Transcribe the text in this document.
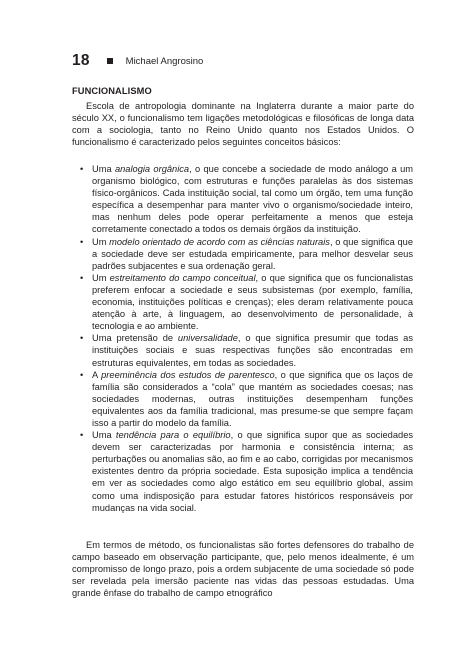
18	Michael Angrosino
FUNCIONALISMO

Escola de antropologia dominante na Inglaterra durante a maior parte do século XX, o funcionalismo tem ligações metodológicas e filosóficas de longa data com a sociologia, tanto no Reino Unido quanto nos Estados Unidos. O funcionalismo é caracterizado pelos seguintes conceitos básicos:

• Uma analogia orgânica, o que concebe a sociedade de modo análogo a um organismo biológico, com estruturas e funções paralelas às dos sistemas físico-orgânicos. Cada instituição social, tal como um órgão, tem uma função específica a desempenhar para manter vivo o organismo/sociedade inteiro, mas nenhum deles pode operar perfeitamente a menos que esteja corretamente conectado a todos os demais órgãos da instituição.
• Um modelo orientado de acordo com as ciências naturais, o que significa que a sociedade deve ser estudada empiricamente, para melhor desvelar seus padrões subjacentes e sua ordenação geral.
• Um estreitamento do campo conceitual, o que significa que os funcionalistas preferem enfocar a sociedade e seus subsistemas (por exemplo, família, economia, instituições políticas e crenças); eles deram relativamente pouca atenção à arte, à linguagem, ao desenvolvimento de personalidade, à tecnologia e ao ambiente.
• Uma pretensão de universalidade, o que significa presumir que todas as instituições sociais e suas respectivas funções são encontradas em estruturas equivalentes, em todas as sociedades.
• A preeminência dos estudos de parentesco, o que significa que os laços de família são considerados a “cola” que mantém as sociedades coesas; nas sociedades modernas, outras instituições desempenham funções equivalentes aos da família tradicional, mas presume-se que sempre façam isso a partir do modelo da família.
• Uma tendência para o equilíbrio, o que significa supor que as sociedades devem ser caracterizadas por harmonia e consistência interna; as perturbações ou anomalias são, ao fim e ao cabo, corrigidas por mecanismos existentes dentro da própria sociedade. Esta suposição implica a tendência em ver as sociedades como algo estático em seu equilíbrio global, assim como uma indisposição para estudar fatores históricos responsáveis por mudanças na vida social.

Em termos de método, os funcionalistas são fortes defensores do trabalho de campo baseado em observação participante, que, pelo menos idealmente, é um compromisso de longo prazo, pois a ordem subjacente de uma sociedade só pode ser revelada pela imersão paciente nas vidas das pessoas estudadas. Uma grande ênfase do trabalho de campo etnográfico
